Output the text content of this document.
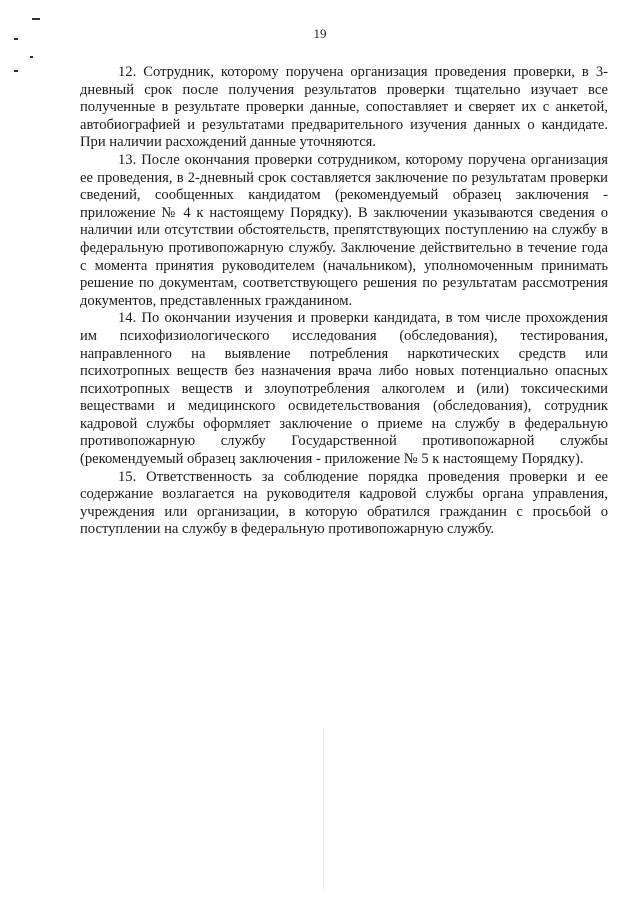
19

12. Сотрудник, которому поручена организация проведения проверки, в 3-дневный срок после получения результатов проверки тщательно изучает все полученные в результате проверки данные, сопоставляет и сверяет их с анкетой, автобиографией и результатами предварительного изучения данных о кандидате. При наличии расхождений данные уточняются.

13. После окончания проверки сотрудником, которому поручена организация ее проведения, в 2-дневный срок составляется заключение по результатам проверки сведений, сообщенных кандидатом (рекомендуемый образец заключения - приложение № 4 к настоящему Порядку). В заключении указываются сведения о наличии или отсутствии обстоятельств, препятствующих поступлению на службу в федеральную противопожарную службу. Заключение действительно в течение года с момента принятия руководителем (начальником), уполномоченным принимать решение по документам, соответствующего решения по результатам рассмотрения документов, представленных гражданином.

14. По окончании изучения и проверки кандидата, в том числе прохождения им психофизиологического исследования (обследования), тестирования, направленного на выявление потребления наркотических средств или психотропных веществ без назначения врача либо новых потенциально опасных психотропных веществ и злоупотребления алкоголем и (или) токсическими веществами и медицинского освидетельствования (обследования), сотрудник кадровой службы оформляет заключение о приеме на службу в федеральную противопожарную службу Государственной противопожарной службы (рекомендуемый образец заключения - приложение № 5 к настоящему Порядку).

15. Ответственность за соблюдение порядка проведения проверки и ее содержание возлагается на руководителя кадровой службы органа управления, учреждения или организации, в которую обратился гражданин с просьбой о поступлении на службу в федеральную противопожарную службу.
